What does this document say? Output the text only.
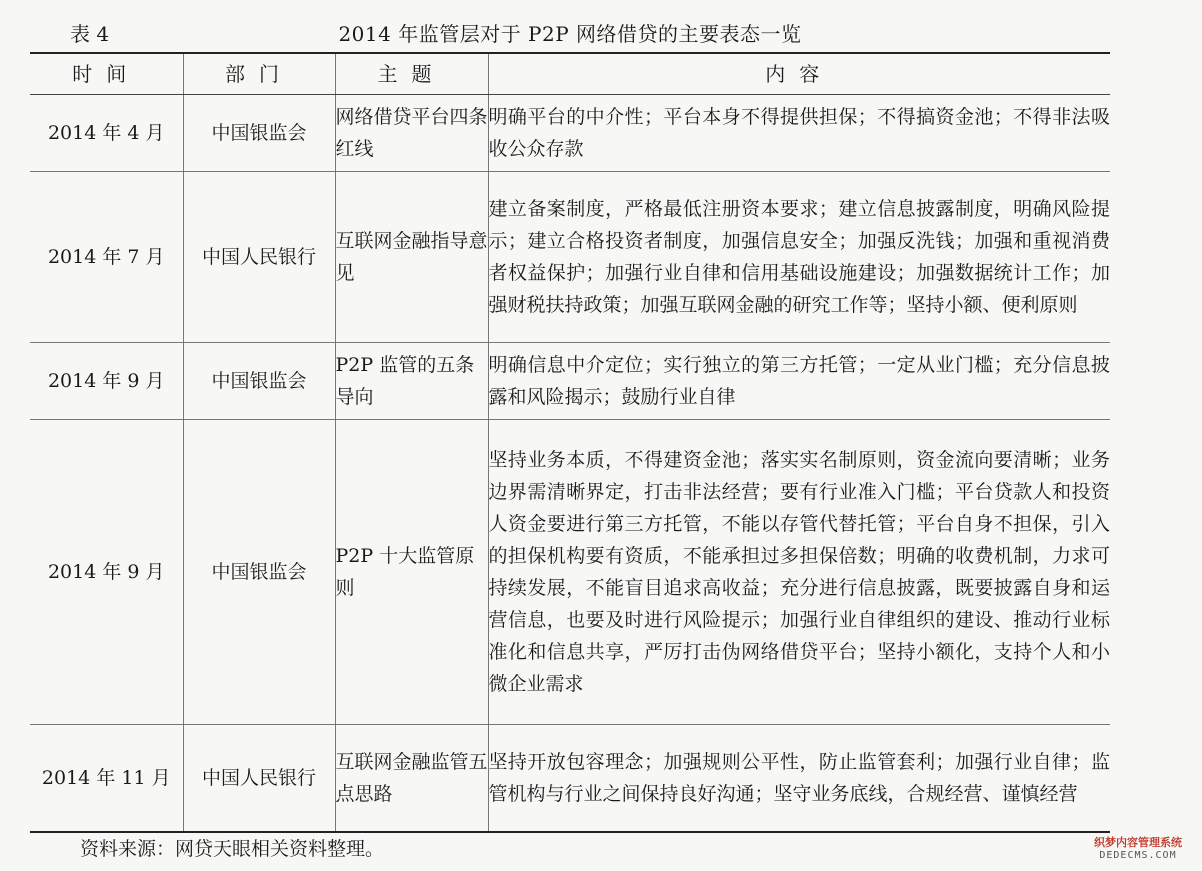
表 4	2014 年监管层对于 P2P 网络借贷的主要表态一览
时间	部门	主题	内容
2014 年 4 月	中国银监会	网络借贷平台四条红线	明确平台的中介性；平台本身不得提供担保；不得搞资金池；不得非法吸收公众存款
2014 年 7 月	中国人民银行	互联网金融指导意见	建立备案制度，严格最低注册资本要求；建立信息披露制度，明确风险提示；建立合格投资者制度，加强信息安全；加强反洗钱；加强和重视消费者权益保护；加强行业自律和信用基础设施建设；加强数据统计工作；加强财税扶持政策；加强互联网金融的研究工作等；坚持小额、便利原则
2014 年 9 月	中国银监会	P2P 监管的五条导向	明确信息中介定位；实行独立的第三方托管；一定从业门槛；充分信息披露和风险揭示；鼓励行业自律
2014 年 9 月	中国银监会	P2P 十大监管原则	坚持业务本质，不得建资金池；落实实名制原则，资金流向要清晰；业务边界需清晰界定，打击非法经营；要有行业准入门槛；平台贷款人和投资人资金要进行第三方托管，不能以存管代替托管；平台自身不担保，引入的担保机构要有资质，不能承担过多担保倍数；明确的收费机制，力求可持续发展，不能盲目追求高收益；充分进行信息披露，既要披露自身和运营信息，也要及时进行风险提示；加强行业自律组织的建设、推动行业标准化和信息共享，严厉打击伪网络借贷平台；坚持小额化，支持个人和小微企业需求
2014 年 11 月	中国人民银行	互联网金融监管五点思路	坚持开放包容理念；加强规则公平性，防止监管套利；加强行业自律；监管机构与行业之间保持良好沟通；坚守业务底线，合规经营、谨慎经营
资料来源：网贷天眼相关资料整理。	织梦内容管理系统
DEDECMS.COM
